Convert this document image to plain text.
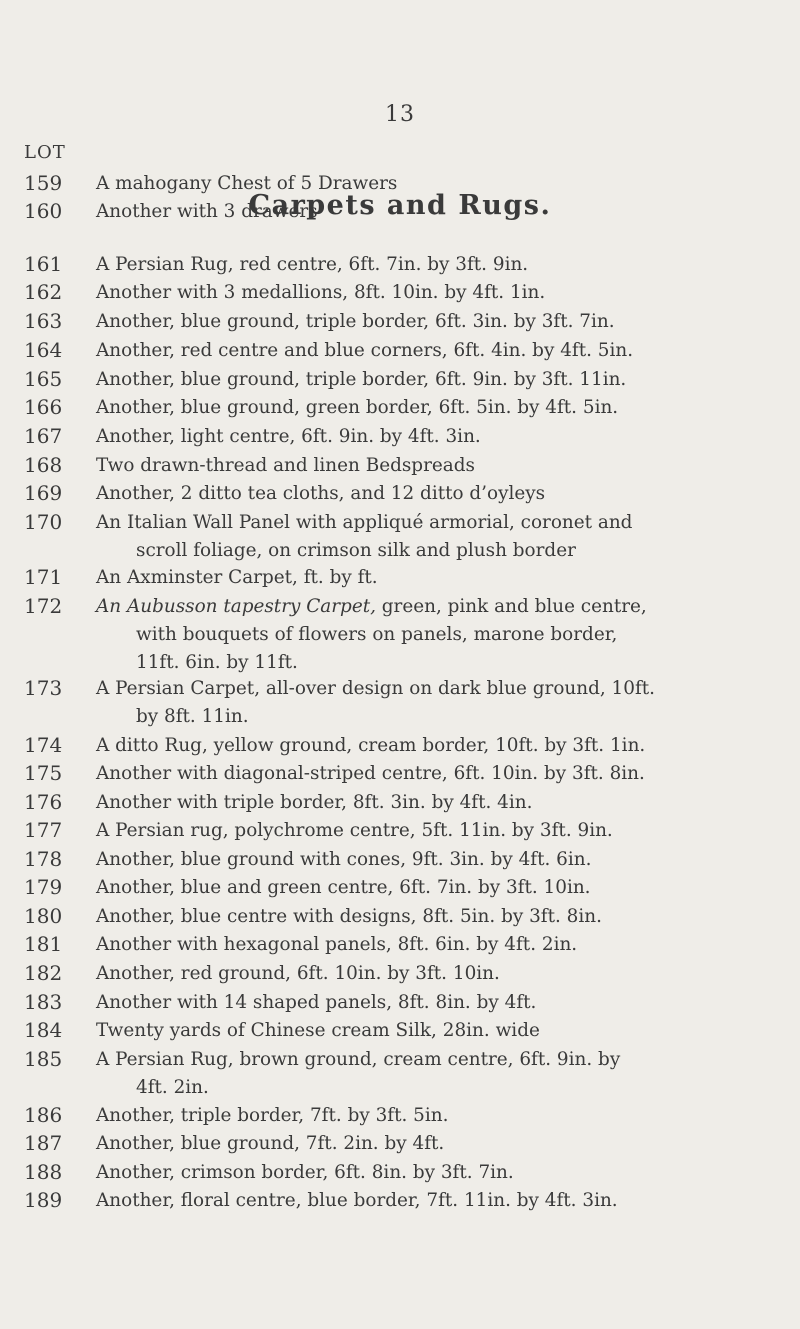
13
LOT
Carpets and Rugs.
159	A mahogany Chest of 5 Drawers
160	Another with 3 drawers
161	A Persian Rug, red centre, 6ft. 7in. by 3ft. 9in.
162	Another with 3 medallions, 8ft. 10in. by 4ft. 1in.
163	Another, blue ground, triple border, 6ft. 3in. by 3ft. 7in.
164	Another, red centre and blue corners, 6ft. 4in. by 4ft. 5in.
165	Another, blue ground, triple border, 6ft. 9in. by 3ft. 11in.
166	Another, blue ground, green border, 6ft. 5in. by 4ft. 5in.
167	Another, light centre, 6ft. 9in. by 4ft. 3in.
168	Two drawn-thread and linen Bedspreads
169	Another, 2 ditto tea cloths, and 12 ditto d’oyleys
170	An Italian Wall Panel with appliqué armorial, coronet and
scroll foliage, on crimson silk and plush border
171	An Axminster Carpet, ft. by ft.
172	An Aubusson tapestry Carpet, green, pink and blue centre,
with bouquets of flowers on panels, marone border,
11ft. 6in. by 11ft.
173	A Persian Carpet, all-over design on dark blue ground, 10ft.
by 8ft. 11in.
174	A ditto Rug, yellow ground, cream border, 10ft. by 3ft. 1in.
175	Another with diagonal-striped centre, 6ft. 10in. by 3ft. 8in.
176	Another with triple border, 8ft. 3in. by 4ft. 4in.
177	A Persian rug, polychrome centre, 5ft. 11in. by 3ft. 9in.
178	Another, blue ground with cones, 9ft. 3in. by 4ft. 6in.
179	Another, blue and green centre, 6ft. 7in. by 3ft. 10in.
180	Another, blue centre with designs, 8ft. 5in. by 3ft. 8in.
181	Another with hexagonal panels, 8ft. 6in. by 4ft. 2in.
182	Another, red ground, 6ft. 10in. by 3ft. 10in.
183	Another with 14 shaped panels, 8ft. 8in. by 4ft.
184	Twenty yards of Chinese cream Silk, 28in. wide
185	A Persian Rug, brown ground, cream centre, 6ft. 9in. by
4ft. 2in.
186	Another, triple border, 7ft. by 3ft. 5in.
187	Another, blue ground, 7ft. 2in. by 4ft.
188	Another, crimson border, 6ft. 8in. by 3ft. 7in.
189	Another, floral centre, blue border, 7ft. 11in. by 4ft. 3in.
